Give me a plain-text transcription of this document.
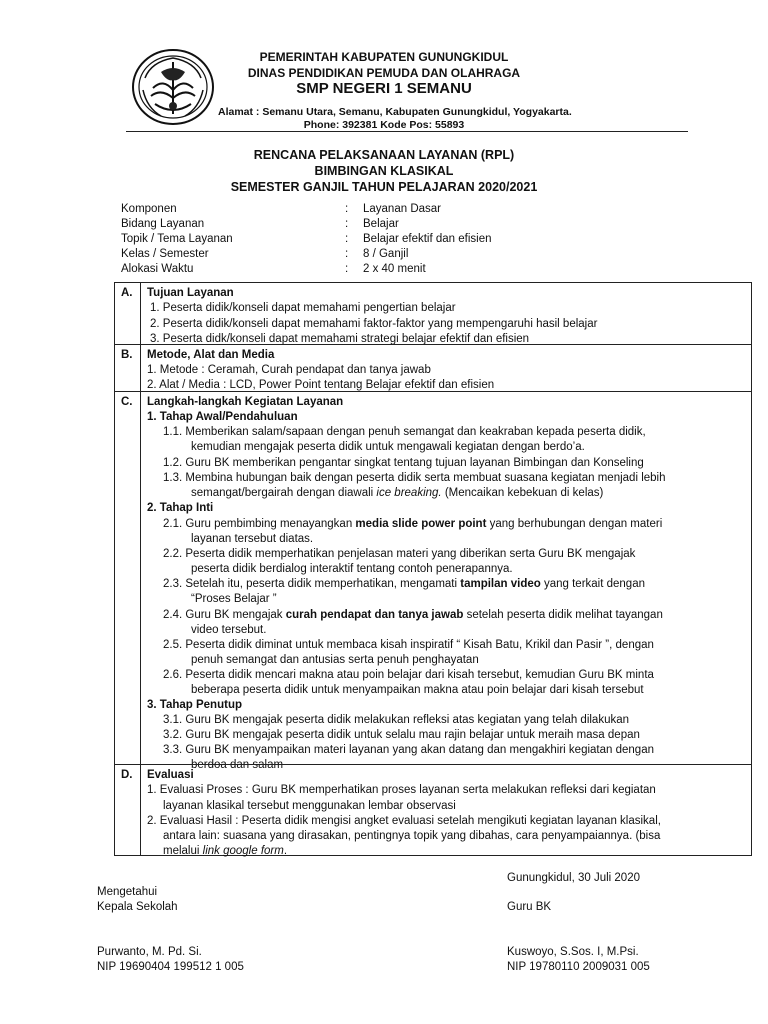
PEMERINTAH KABUPATEN GUNUNGKIDUL
DINAS PENDIDIKAN PEMUDA DAN OLAHRAGA
SMP NEGERI 1 SEMANU
Alamat : Semanu Utara, Semanu, Kabupaten Gunungkidul, Yogyakarta.
Phone: 392381 Kode Pos: 55893
RENCANA PELAKSANAAN LAYANAN (RPL)
BIMBINGAN KLASIKAL
SEMESTER GANJIL TAHUN PELAJARAN 2020/2021
Komponen	: Layanan Dasar
Bidang Layanan	: Belajar
Topik / Tema Layanan	: Belajar efektif dan efisien
Kelas / Semester	: 8 / Ganjil
Alokasi Waktu	: 2 x 40 menit
A.	Tujuan Layanan
1. Peserta didik/konseli dapat memahami pengertian belajar
2. Peserta didik/konseli dapat memahami faktor-faktor yang mempengaruhi hasil belajar
3. Peserta didk/konseli dapat memahami strategi belajar efektif dan efisien
B.	Metode, Alat dan Media
1. Metode : Ceramah, Curah pendapat dan tanya jawab
2. Alat / Media : LCD, Power Point tentang Belajar efektif dan efisien
C.	Langkah-langkah Kegiatan Layanan
1. Tahap Awal/Pendahuluan
1.1. Memberikan salam/sapaan dengan penuh semangat dan keakraban kepada peserta didik,
kemudian mengajak peserta didik untuk mengawali kegiatan dengan berdo’a.
1.2. Guru BK memberikan pengantar singkat tentang tujuan layanan Bimbingan dan Konseling
1.3. Membina hubungan baik dengan peserta didik serta membuat suasana kegiatan menjadi lebih
semangat/bergairah dengan diawali ice breaking. (Mencaikan kebekuan di kelas)
2. Tahap Inti
2.1. Guru pembimbing menayangkan media slide power point yang berhubungan dengan materi
layanan tersebut diatas.
2.2. Peserta didik memperhatikan penjelasan materi yang diberikan serta Guru BK mengajak
peserta didik berdialog interaktif tentang contoh penerapannya.
2.3. Setelah itu, peserta didik memperhatikan, mengamati tampilan video yang terkait dengan
“Proses Belajar ”
2.4. Guru BK mengajak curah pendapat dan tanya jawab setelah peserta didik melihat tayangan
video tersebut.
2.5. Peserta didik diminat untuk membaca kisah inspiratif “ Kisah Batu, Krikil dan Pasir ”, dengan
penuh semangat dan antusias serta penuh penghayatan
2.6. Peserta didik mencari makna atau poin belajar dari kisah tersebut, kemudian Guru BK minta
beberapa peserta didik untuk menyampaikan makna atau poin belajar dari kisah tersebut
3. Tahap Penutup
3.1. Guru BK mengajak peserta didik melakukan refleksi atas kegiatan yang telah dilakukan
3.2. Guru BK mengajak peserta didik untuk selalu mau rajin belajar untuk meraih masa depan
3.3. Guru BK menyampaikan materi layanan yang akan datang dan mengakhiri kegiatan dengan
berdoa dan salam
D.	Evaluasi
1. Evaluasi Proses : Guru BK memperhatikan proses layanan serta melakukan refleksi dari kegiatan
layanan klasikal tersebut menggunakan lembar observasi
2. Evaluasi Hasil : Peserta didik mengisi angket evaluasi setelah mengikuti kegiatan layanan klasikal,
antara lain: suasana yang dirasakan, pentingnya topik yang dibahas, cara penyampaiannya. (bisa
melalui link google form.
Gunungkidul, 30 Juli 2020
Mengetahui
Kepala Sekolah	Guru BK
Purwanto, M. Pd. Si.	Kuswoyo, S.Sos. I, M.Psi.
NIP 19690404 199512 1 005	NIP 19780110 2009031 005
